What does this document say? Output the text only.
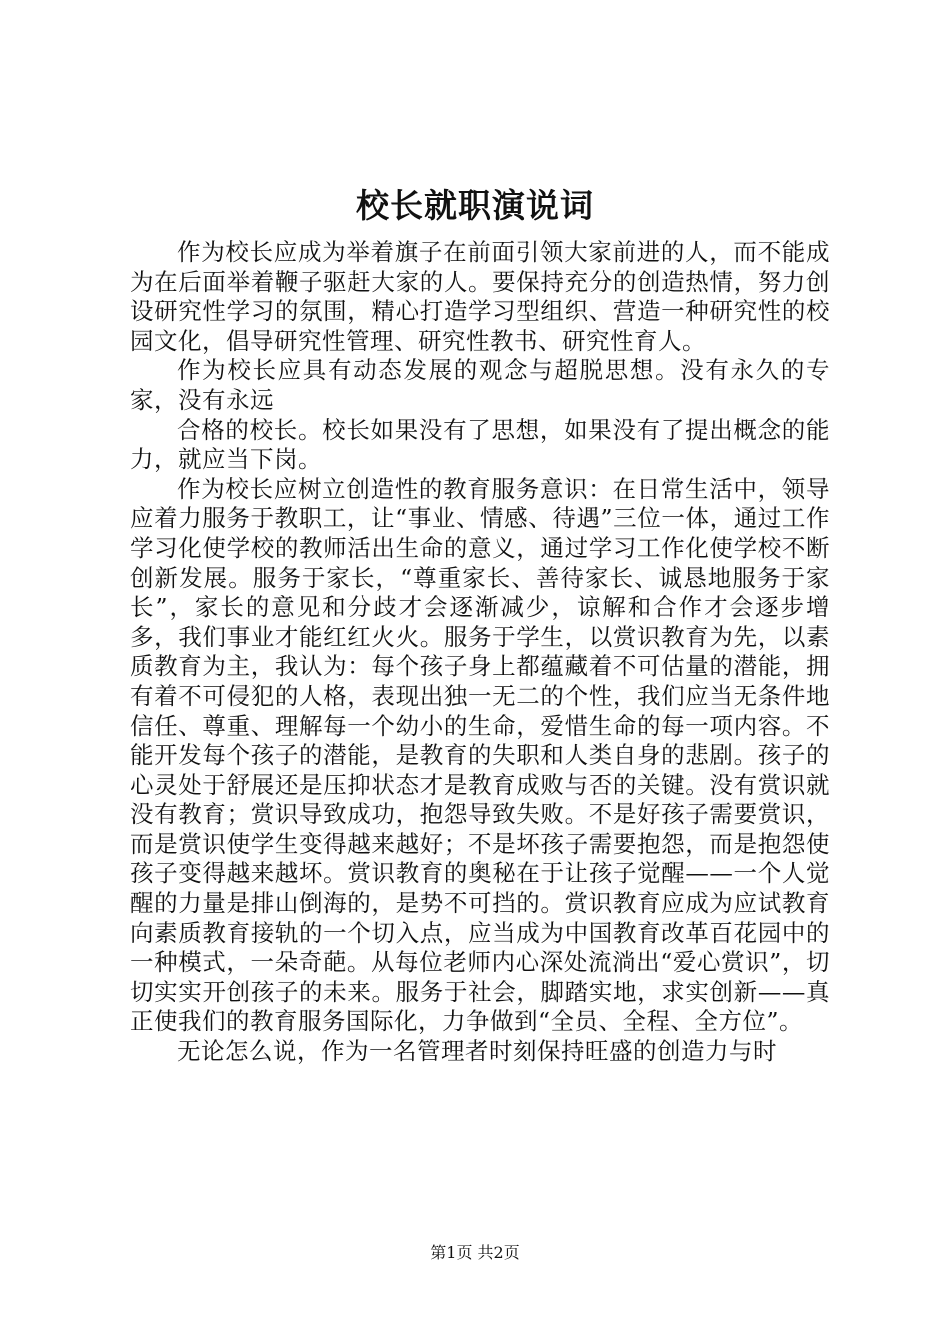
校长就职演说词

作为校长应成为举着旗子在前面引领大家前进的人，而不能成为在后面举着鞭子驱赶大家的人。要保持充分的创造热情，努力创设研究性学习的氛围，精心打造学习型组织、营造一种研究性的校园文化，倡导研究性管理、研究性教书、研究性育人。

作为校长应具有动态发展的观念与超脱思想。没有永久的专家，没有永远

合格的校长。校长如果没有了思想，如果没有了提出概念的能力，就应当下岗。

作为校长应树立创造性的教育服务意识：在日常生活中，领导应着力服务于教职工，让“事业、情感、待遇”三位一体，通过工作学习化使学校的教师活出生命的意义，通过学习工作化使学校不断创新发展。服务于家长，“尊重家长、善待家长、诚恳地服务于家长”，家长的意见和分歧才会逐渐减少，谅解和合作才会逐步增多，我们事业才能红红火火。服务于学生，以赏识教育为先，以素质教育为主，我认为：每个孩子身上都蕴藏着不可估量的潜能，拥有着不可侵犯的人格，表现出独一无二的个性，我们应当无条件地信任、尊重、理解每一个幼小的生命，爱惜生命的每一项内容。不能开发每个孩子的潜能，是教育的失职和人类自身的悲剧。孩子的心灵处于舒展还是压抑状态才是教育成败与否的关键。没有赏识就没有教育；赏识导致成功，抱怨导致失败。不是好孩子需要赏识，而是赏识使学生变得越来越好；不是坏孩子需要抱怨，而是抱怨使孩子变得越来越坏。赏识教育的奥秘在于让孩子觉醒——一个人觉醒的力量是排山倒海的，是势不可挡的。赏识教育应成为应试教育向素质教育接轨的一个切入点，应当成为中国教育改革百花园中的一种模式，一朵奇葩。从每位老师内心深处流淌出“爱心赏识”，切切实实开创孩子的未来。服务于社会，脚踏实地，求实创新——真正使我们的教育服务国际化，力争做到“全员、全程、全方位”。

无论怎么说，作为一名管理者时刻保持旺盛的创造力与时

第1页 共2页
